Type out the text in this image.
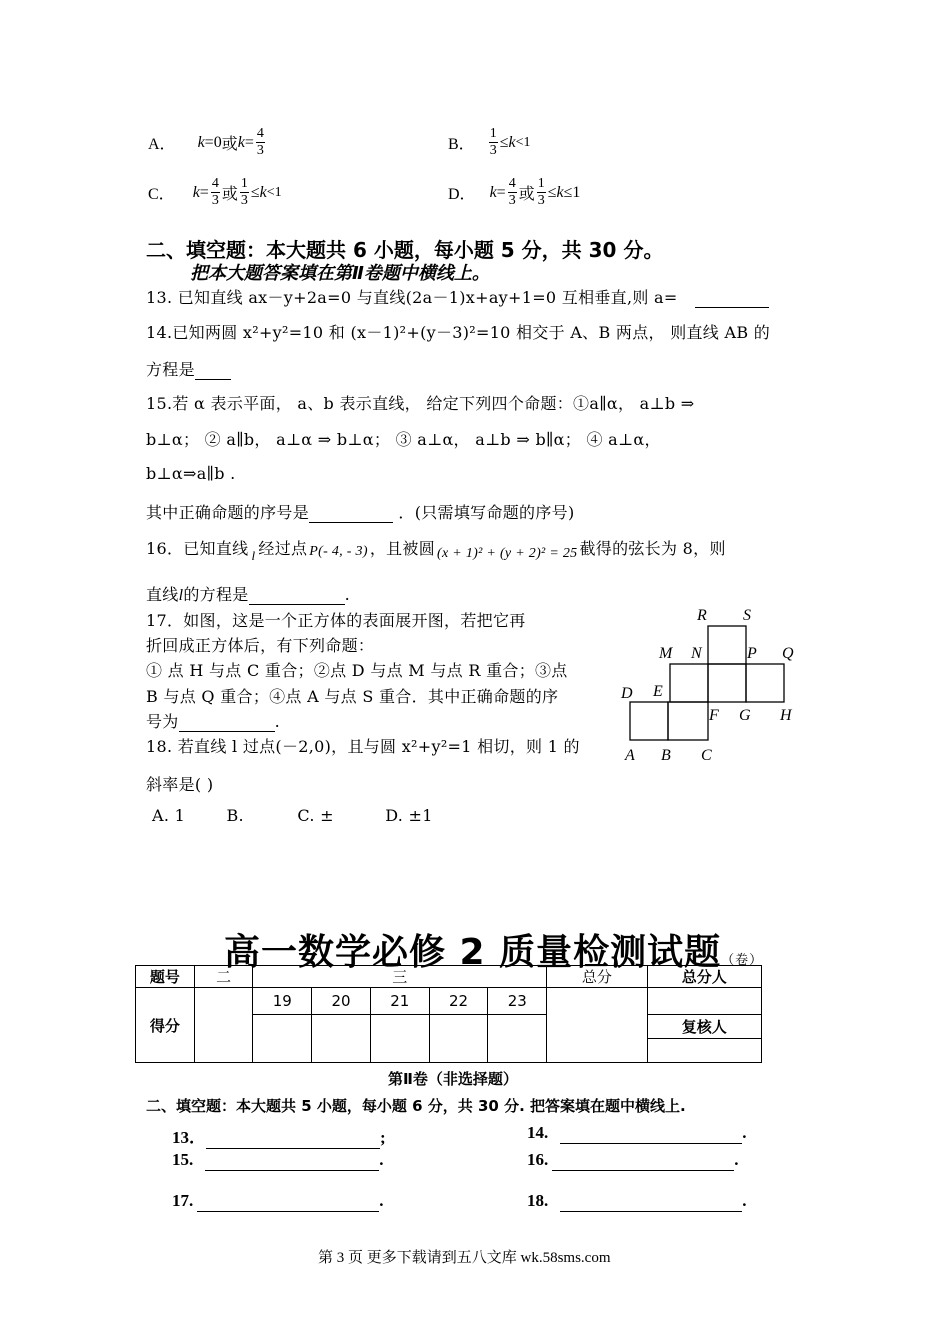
A． k =0 或 $k = \frac{4}{3}$	B． $\frac{1}{3} \le k <1$
C． $k = \frac{4}{3}$ 或 $\frac{1}{3} \le k <1$	D． $k = \frac{4}{3}$ 或 $\frac{1}{3} \le k \le 1$
二、填空题：本大题共 6 小题，每小题 5 分，共 30 分。
把本大题答案填在第Ⅱ卷题中横线上。
13. 已知直线 ax－y+2a=0 与直线(2a－1)x+ay+1=0 互相垂直,则 a=
14.已知两圆 x²+y²=10 和 (x－1)²+(y－3)²=10 相交于 A、B 两点， 则直线 AB 的
方程是
15.若 α 表示平面， a、b 表示直线， 给定下列四个命题：①a∥α， a⊥b ⇒
b⊥α； ② a∥b， a⊥α ⇒ b⊥α； ③ a⊥α， a⊥b ⇒ b∥α； ④ a⊥α，
b⊥α⇒a∥b .
其中正确命题的序号是	．(只需填写命题的序号)
16．已知直线 l 经过点 P(- 4, - 3) ，且被圆 (x + 1)² + (y + 2)² = 25 截得的弦长为 8，则
直线l的方程是	.
17．如图，这是一个正方体的表面展开图，若把它再
折回成正方体后，有下列命题：
① 点 H 与点 C 重合；②点 D 与点 M 与点 R 重合；③点
B 与点 Q 重合；④点 A 与点 S 重合．其中正确命题的序
号为	.
R S
M N	P Q
D E
F G H
A B C
18. 若直线 l 过点(－2,0)，且与圆 x²+y²=1 相切，则 1 的
斜率是( )
A. 1	B.	C. ±	D. ±1
高一数学必修 2 质量检测试题（卷）
题号	二	三					总分	总分人
得分		19	20	21	22	23		
								复核人

第Ⅱ卷（非选择题）
二、填空题：本大题共 5 小题，每小题 6 分，共 30 分. 把答案填在题中横线上.
13．	;	14.	.
15.	.	16.	.
17.	.	18.	.
第 3 页 更多下载请到五八文库 wk.58sms.com
